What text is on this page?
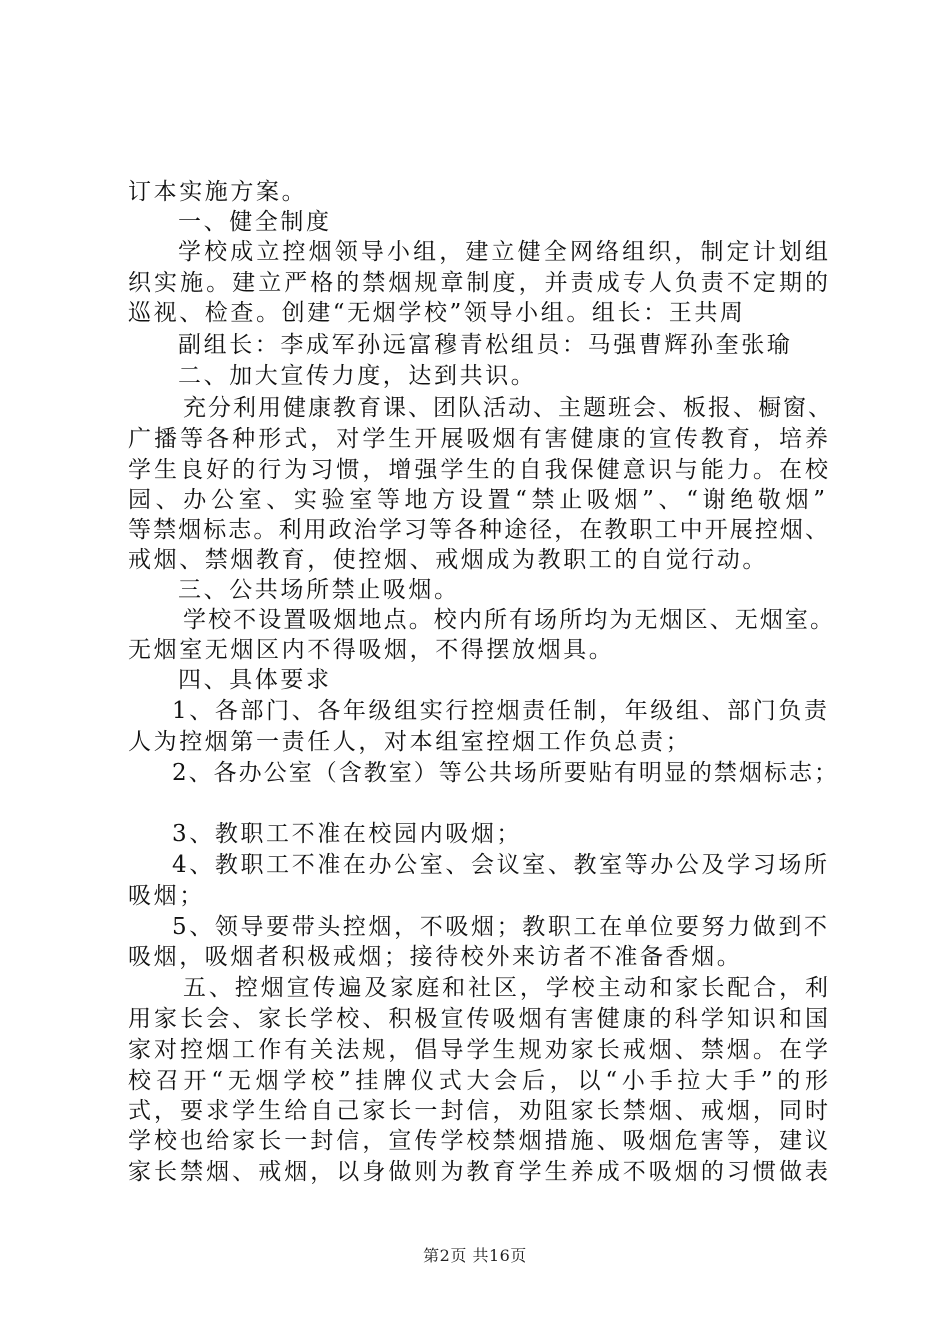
订本实施方案。
一、健全制度
学校成立控烟领导小组，建立健全网络组织，制定计划组
织实施。建立严格的禁烟规章制度，并责成专人负责不定期的
巡视、检查。创建“无烟学校”领导小组。组长：王共周
副组长：李成军孙远富穆青松组员：马强曹辉孙奎张瑜
二、加大宣传力度，达到共识。
充分利用健康教育课、团队活动、主题班会、板报、橱窗、
广播等各种形式，对学生开展吸烟有害健康的宣传教育，培养
学生良好的行为习惯，增强学生的自我保健意识与能力。在校
园、办公室、实验室等地方设置“禁止吸烟”、“谢绝敬烟”
等禁烟标志。利用政治学习等各种途径，在教职工中开展控烟、
戒烟、禁烟教育，使控烟、戒烟成为教职工的自觉行动。
三、公共场所禁止吸烟。
学校不设置吸烟地点。校内所有场所均为无烟区、无烟室。
无烟室无烟区内不得吸烟，不得摆放烟具。
四、具体要求
1、各部门、各年级组实行控烟责任制，年级组、部门负责
人为控烟第一责任人，对本组室控烟工作负总责；
2、各办公室（含教室）等公共场所要贴有明显的禁烟标志；
3、教职工不准在校园内吸烟；
4、教职工不准在办公室、会议室、教室等办公及学习场所
吸烟；
5、领导要带头控烟，不吸烟；教职工在单位要努力做到不
吸烟，吸烟者积极戒烟；接待校外来访者不准备香烟。
五、控烟宣传遍及家庭和社区，学校主动和家长配合，利
用家长会、家长学校、积极宣传吸烟有害健康的科学知识和国
家对控烟工作有关法规，倡导学生规劝家长戒烟、禁烟。在学
校召开“无烟学校”挂牌仪式大会后，以“小手拉大手”的形
式，要求学生给自己家长一封信，劝阻家长禁烟、戒烟，同时
学校也给家长一封信，宣传学校禁烟措施、吸烟危害等，建议
家长禁烟、戒烟，以身做则为教育学生养成不吸烟的习惯做表
第2页 共16页
